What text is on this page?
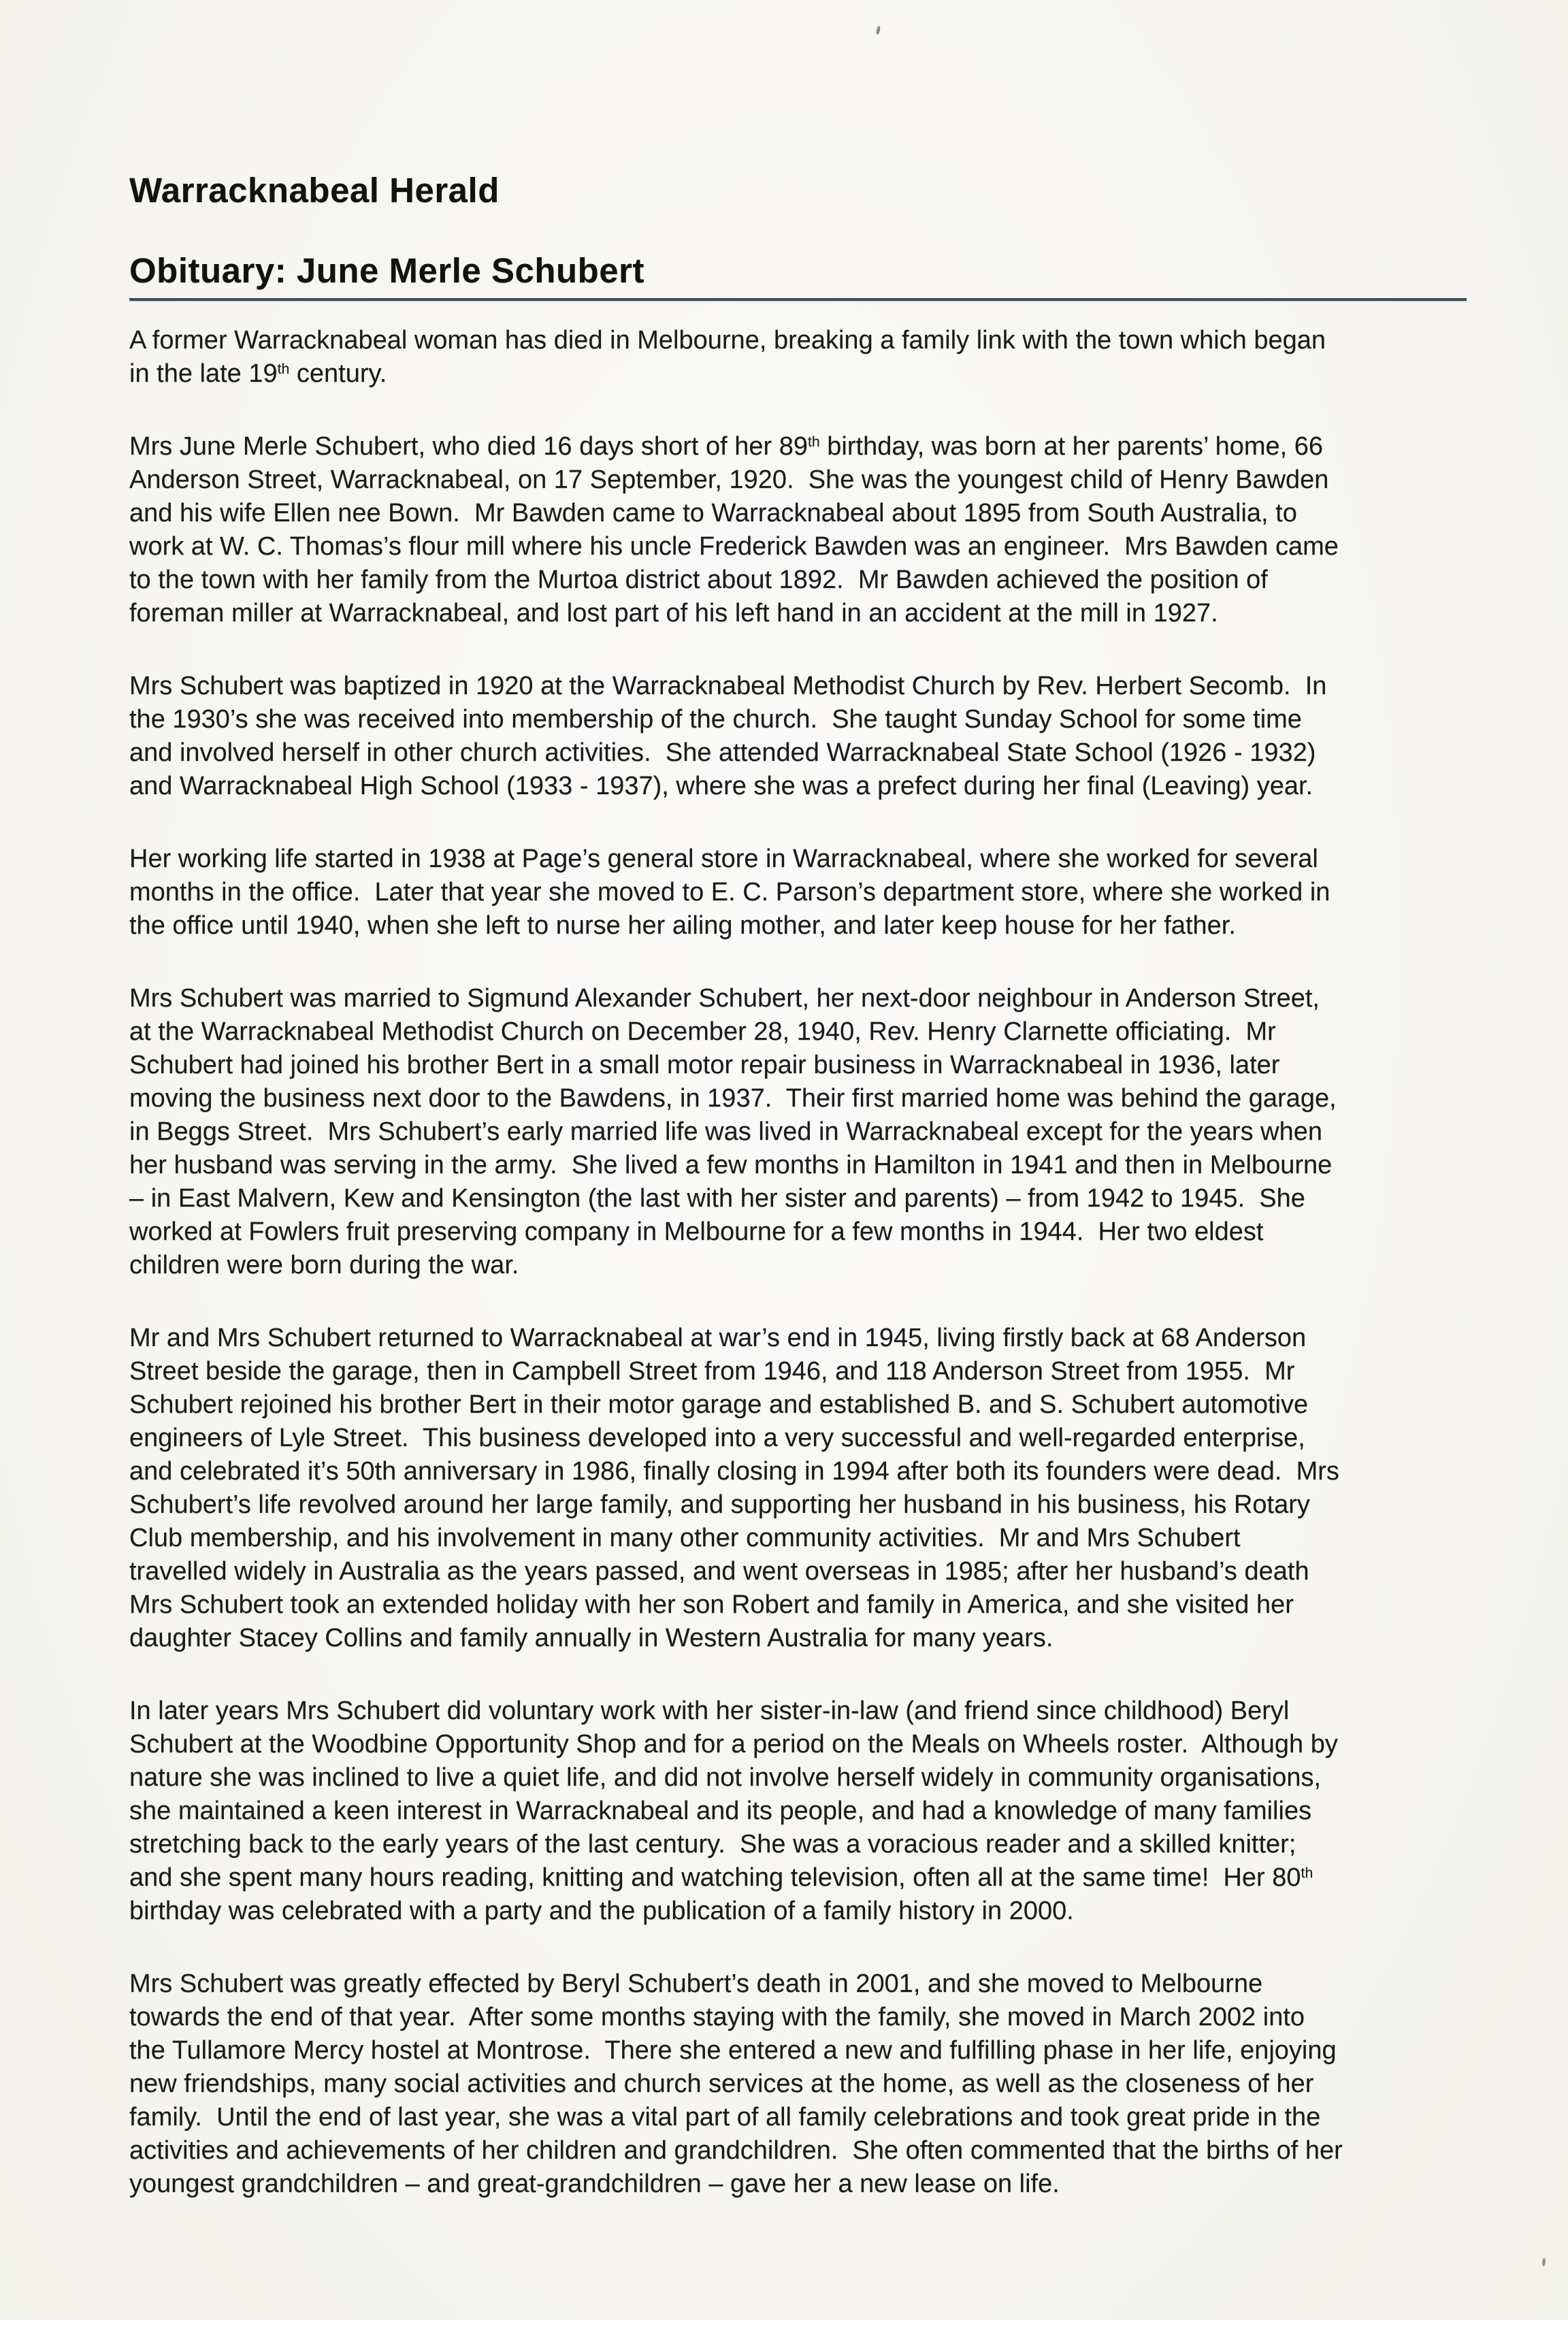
Warracknabeal Herald
Obituary: June Merle Schubert
A former Warracknabeal woman has died in Melbourne, breaking a family link with the town which began
in the late 19th century.
Mrs June Merle Schubert, who died 16 days short of her 89th birthday, was born at her parents’ home, 66
Anderson Street, Warracknabeal, on 17 September, 1920.  She was the youngest child of Henry Bawden
and his wife Ellen nee Bown.  Mr Bawden came to Warracknabeal about 1895 from South Australia, to
work at W. C. Thomas’s flour mill where his uncle Frederick Bawden was an engineer.  Mrs Bawden came
to the town with her family from the Murtoa district about 1892.  Mr Bawden achieved the position of
foreman miller at Warracknabeal, and lost part of his left hand in an accident at the mill in 1927.
Mrs Schubert was baptized in 1920 at the Warracknabeal Methodist Church by Rev. Herbert Secomb.  In
the 1930’s she was received into membership of the church.  She taught Sunday School for some time
and involved herself in other church activities.  She attended Warracknabeal State School (1926 - 1932)
and Warracknabeal High School (1933 - 1937), where she was a prefect during her final (Leaving) year.
Her working life started in 1938 at Page’s general store in Warracknabeal, where she worked for several
months in the office.  Later that year she moved to E. C. Parson’s department store, where she worked in
the office until 1940, when she left to nurse her ailing mother, and later keep house for her father.
Mrs Schubert was married to Sigmund Alexander Schubert, her next-door neighbour in Anderson Street,
at the Warracknabeal Methodist Church on December 28, 1940, Rev. Henry Clarnette officiating.  Mr
Schubert had joined his brother Bert in a small motor repair business in Warracknabeal in 1936, later
moving the business next door to the Bawdens, in 1937.  Their first married home was behind the garage,
in Beggs Street.  Mrs Schubert’s early married life was lived in Warracknabeal except for the years when
her husband was serving in the army.  She lived a few months in Hamilton in 1941 and then in Melbourne
– in East Malvern, Kew and Kensington (the last with her sister and parents) – from 1942 to 1945.  She
worked at Fowlers fruit preserving company in Melbourne for a few months in 1944.  Her two eldest
children were born during the war.
Mr and Mrs Schubert returned to Warracknabeal at war’s end in 1945, living firstly back at 68 Anderson
Street beside the garage, then in Campbell Street from 1946, and 118 Anderson Street from 1955.  Mr
Schubert rejoined his brother Bert in their motor garage and established B. and S. Schubert automotive
engineers of Lyle Street.  This business developed into a very successful and well-regarded enterprise,
and celebrated it’s 50th anniversary in 1986, finally closing in 1994 after both its founders were dead.  Mrs
Schubert’s life revolved around her large family, and supporting her husband in his business, his Rotary
Club membership, and his involvement in many other community activities.  Mr and Mrs Schubert
travelled widely in Australia as the years passed, and went overseas in 1985; after her husband’s death
Mrs Schubert took an extended holiday with her son Robert and family in America, and she visited her
daughter Stacey Collins and family annually in Western Australia for many years.
In later years Mrs Schubert did voluntary work with her sister-in-law (and friend since childhood) Beryl
Schubert at the Woodbine Opportunity Shop and for a period on the Meals on Wheels roster.  Although by
nature she was inclined to live a quiet life, and did not involve herself widely in community organisations,
she maintained a keen interest in Warracknabeal and its people, and had a knowledge of many families
stretching back to the early years of the last century.  She was a voracious reader and a skilled knitter;
and she spent many hours reading, knitting and watching television, often all at the same time!  Her 80th
birthday was celebrated with a party and the publication of a family history in 2000.
Mrs Schubert was greatly effected by Beryl Schubert’s death in 2001, and she moved to Melbourne
towards the end of that year.  After some months staying with the family, she moved in March 2002 into
the Tullamore Mercy hostel at Montrose.  There she entered a new and fulfilling phase in her life, enjoying
new friendships, many social activities and church services at the home, as well as the closeness of her
family.  Until the end of last year, she was a vital part of all family celebrations and took great pride in the
activities and achievements of her children and grandchildren.  She often commented that the births of her
youngest grandchildren – and great-grandchildren – gave her a new lease on life.
